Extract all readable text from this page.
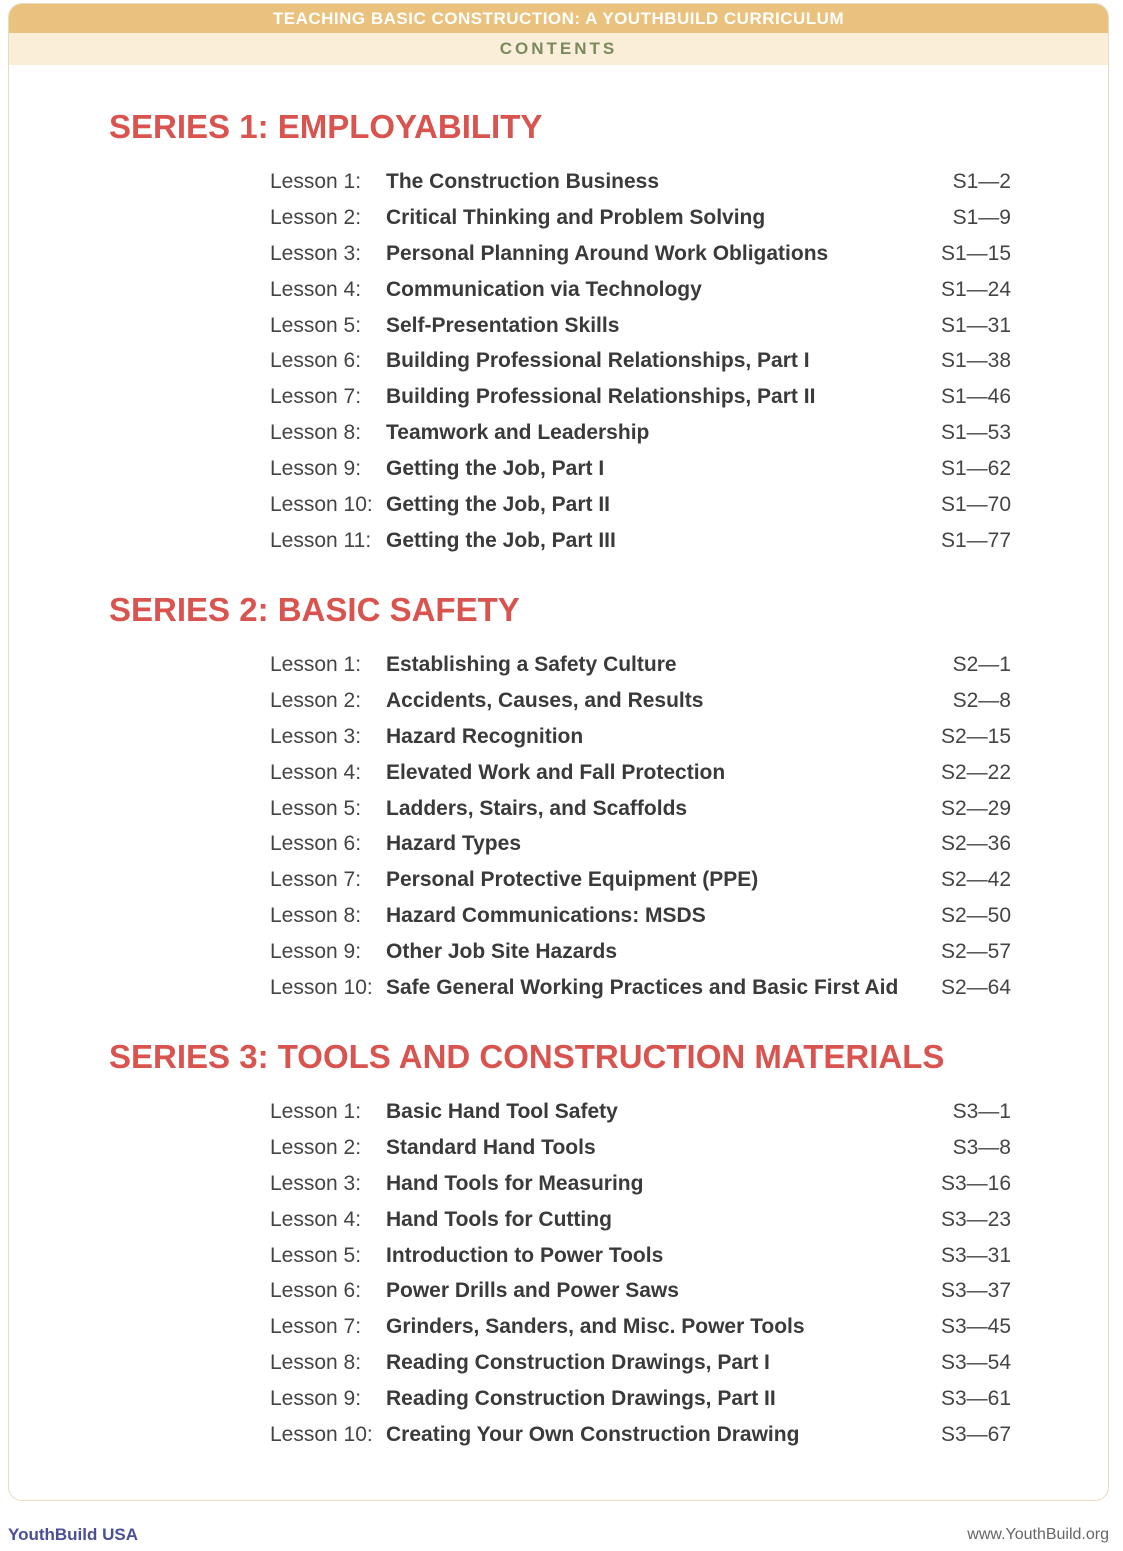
TEACHING BASIC CONSTRUCTION: A YOUTHBUILD CURRICULUM
CONTENTS
SERIES 1: EMPLOYABILITY
Lesson 1:	The Construction Business	S1—2
Lesson 2:	Critical Thinking and Problem Solving	S1—9
Lesson 3:	Personal Planning Around Work Obligations	S1—15
Lesson 4:	Communication via Technology	S1—24
Lesson 5:	Self-Presentation Skills	S1—31
Lesson 6:	Building Professional Relationships, Part I	S1—38
Lesson 7:	Building Professional Relationships, Part II	S1—46
Lesson 8:	Teamwork and Leadership	S1—53
Lesson 9:	Getting the Job, Part I	S1—62
Lesson 10: Getting the Job, Part II	S1—70
Lesson 11: Getting the Job, Part III	S1—77
SERIES 2: BASIC SAFETY
Lesson 1:	Establishing a Safety Culture	S2—1
Lesson 2:	Accidents, Causes, and Results	S2—8
Lesson 3:	Hazard Recognition	S2—15
Lesson 4:	Elevated Work and Fall Protection	S2—22
Lesson 5:	Ladders, Stairs, and Scaffolds	S2—29
Lesson 6:	Hazard Types	S2—36
Lesson 7:	Personal Protective Equipment (PPE)	S2—42
Lesson 8:	Hazard Communications: MSDS	S2—50
Lesson 9:	Other Job Site Hazards	S2—57
Lesson 10: Safe General Working Practices and Basic First Aid S2—64
SERIES 3: TOOLS AND CONSTRUCTION MATERIALS
Lesson 1:	Basic Hand Tool Safety	S3—1
Lesson 2:	Standard Hand Tools	S3—8
Lesson 3:	Hand Tools for Measuring	S3—16
Lesson 4:	Hand Tools for Cutting	S3—23
Lesson 5:	Introduction to Power Tools	S3—31
Lesson 6:	Power Drills and Power Saws	S3—37
Lesson 7:	Grinders, Sanders, and Misc. Power Tools	S3—45
Lesson 8:	Reading Construction Drawings, Part I	S3—54
Lesson 9:	Reading Construction Drawings, Part II	S3—61
Lesson 10: Creating Your Own Construction Drawing	S3—67
YouthBuild USA	www.YouthBuild.org
